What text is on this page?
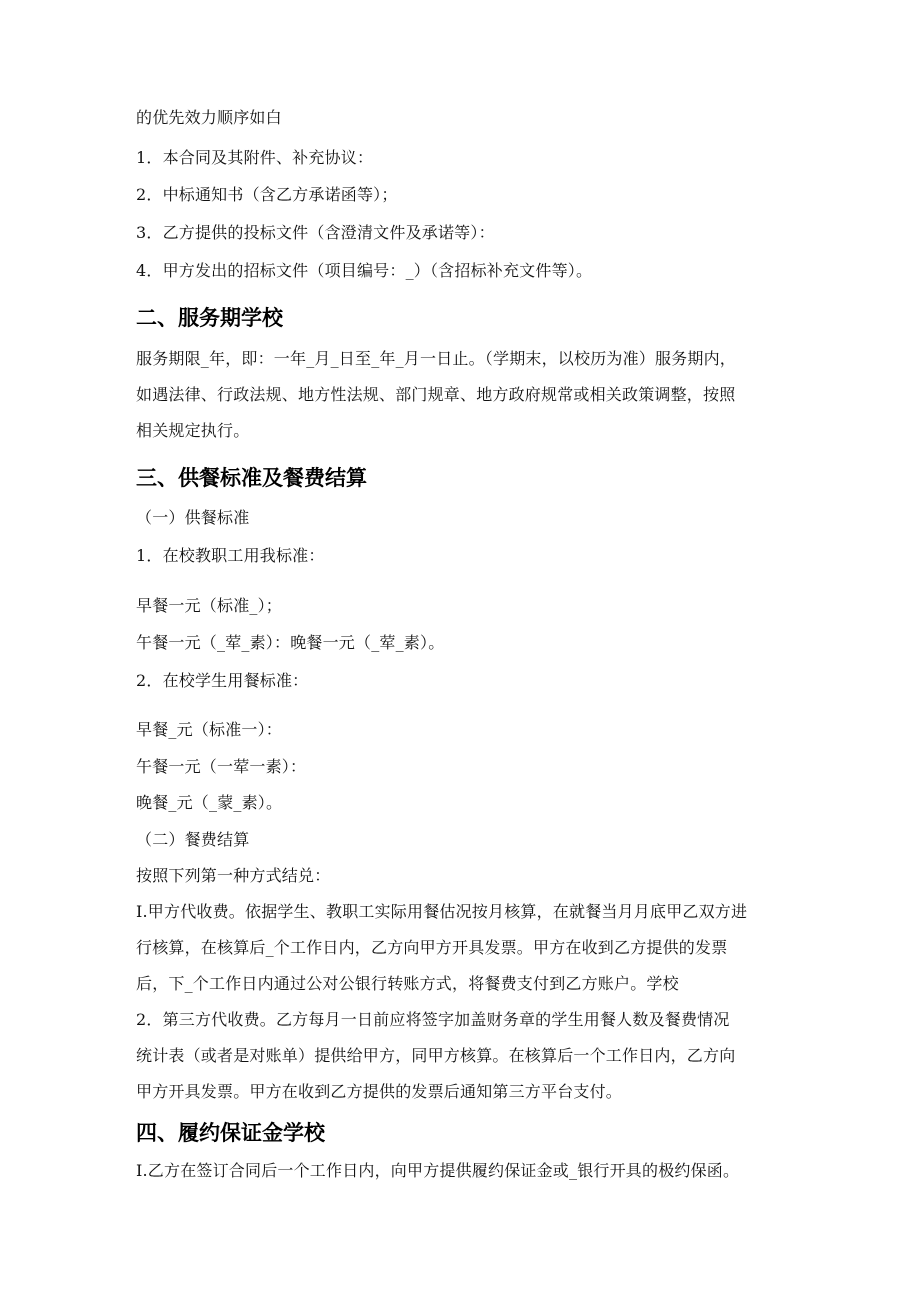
的优先效力顺序如白
1．本合同及其附件、补充协议：
2．中标通知书（含乙方承诺函等）；
3．乙方提供的投标文件（含澄清文件及承诺等）：
4．甲方发出的招标文件（项目编号：_）（含招标补充文件等）。
二、服务期学校
服务期限_年，即：一年_月_日至_年_月一日止。（学期末，以校历为准）服务期内，
如遇法律、行政法规、地方性法规、部门规章、地方政府规常或相关政策调整，按照
相关规定执行。
三、供餐标准及餐费结算
（一）供餐标准
1．在校教职工用我标准：
早餐一元（标准_）；
午餐一元（_荤_素）：晚餐一元（_荤_素）。
2．在校学生用餐标准：
早餐_元（标准一）：
午餐一元（一荤一素）：
晚餐_元（_蒙_素）。
（二）餐费结算
按照下列第一种方式结兑：
I.甲方代收费。依据学生、教职工实际用餐估况按月核算，在就餐当月月底甲乙双方进
行核算，在核算后_个工作日内，乙方向甲方开具发票。甲方在收到乙方提供的发票
后，下_个工作日内通过公对公银行转账方式，将餐费支付到乙方账户。学校
2．第三方代收费。乙方每月一日前应将签字加盖财务章的学生用餐人数及餐费情况
统计表（或者是对账单）提供给甲方，同甲方核算。在核算后一个工作日内，乙方向
甲方开具发票。甲方在收到乙方提供的发票后通知第三方平台支付。
四、履约保证金学校
I.乙方在签订合同后一个工作日内，向甲方提供履约保证金或_银行开具的极约保函。
